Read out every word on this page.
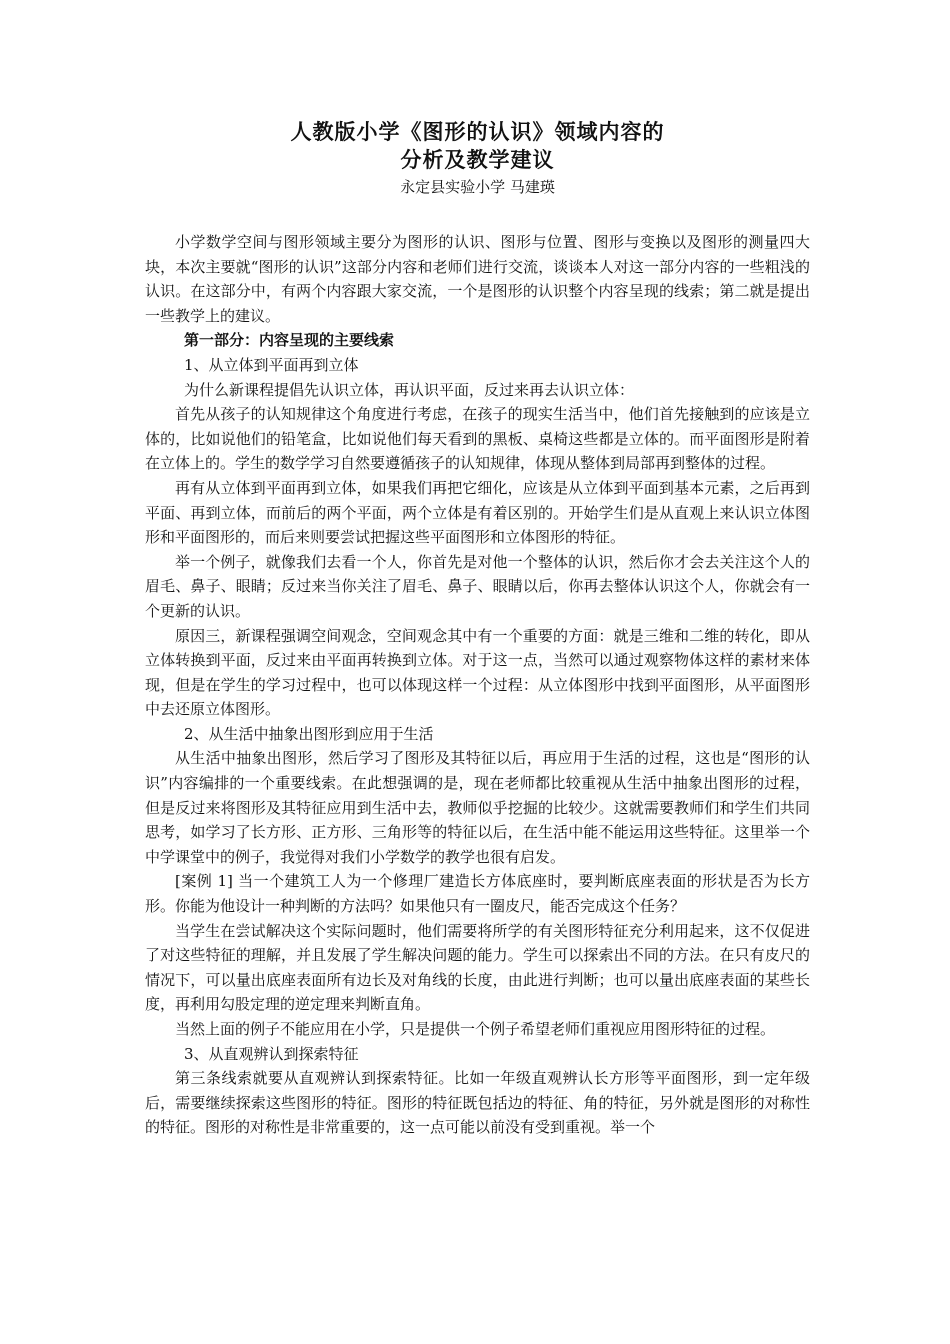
人教版小学《图形的认识》领域内容的
分析及教学建议

永定县实验小学 马建瑛

小学数学空间与图形领域主要分为图形的认识、图形与位置、图形与变换以及图形的测量四大块，本次主要就“图形的认识”这部分内容和老师们进行交流，谈谈本人对这一部分内容的一些粗浅的认识。在这部分中，有两个内容跟大家交流，一个是图形的认识整个内容呈现的线索；第二就是提出一些教学上的建议。

第一部分：内容呈现的主要线索

1、从立体到平面再到立体

为什么新课程提倡先认识立体，再认识平面，反过来再去认识立体：

首先从孩子的认知规律这个角度进行考虑，在孩子的现实生活当中，他们首先接触到的应该是立体的，比如说他们的铅笔盒，比如说他们每天看到的黑板、桌椅这些都是立体的。而平面图形是附着在立体上的。学生的数学学习自然要遵循孩子的认知规律，体现从整体到局部再到整体的过程。

再有从立体到平面再到立体，如果我们再把它细化，应该是从立体到平面到基本元素，之后再到平面、再到立体，而前后的两个平面，两个立体是有着区别的。开始学生们是从直观上来认识立体图形和平面图形的，而后来则要尝试把握这些平面图形和立体图形的特征。

举一个例子，就像我们去看一个人，你首先是对他一个整体的认识，然后你才会去关注这个人的眉毛、鼻子、眼睛；反过来当你关注了眉毛、鼻子、眼睛以后，你再去整体认识这个人，你就会有一个更新的认识。

原因三，新课程强调空间观念，空间观念其中有一个重要的方面：就是三维和二维的转化，即从立体转换到平面，反过来由平面再转换到立体。对于这一点，当然可以通过观察物体这样的素材来体现，但是在学生的学习过程中，也可以体现这样一个过程：从立体图形中找到平面图形，从平面图形中去还原立体图形。

2、从生活中抽象出图形到应用于生活

从生活中抽象出图形，然后学习了图形及其特征以后，再应用于生活的过程，这也是“图形的认识”内容编排的一个重要线索。在此想强调的是，现在老师都比较重视从生活中抽象出图形的过程，但是反过来将图形及其特征应用到生活中去，教师似乎挖掘的比较少。这就需要教师们和学生们共同思考，如学习了长方形、正方形、三角形等的特征以后，在生活中能不能运用这些特征。这里举一个中学课堂中的例子，我觉得对我们小学数学的教学也很有启发。

[案例 1] 当一个建筑工人为一个修理厂建造长方体底座时，要判断底座表面的形状是否为长方形。你能为他设计一种判断的方法吗？如果他只有一圈皮尺，能否完成这个任务？

当学生在尝试解决这个实际问题时，他们需要将所学的有关图形特征充分利用起来，这不仅促进了对这些特征的理解，并且发展了学生解决问题的能力。学生可以探索出不同的方法。在只有皮尺的情况下，可以量出底座表面所有边长及对角线的长度，由此进行判断；也可以量出底座表面的某些长度，再利用勾股定理的逆定理来判断直角。

当然上面的例子不能应用在小学，只是提供一个例子希望老师们重视应用图形特征的过程。

3、从直观辨认到探索特征

第三条线索就要从直观辨认到探索特征。比如一年级直观辨认长方形等平面图形，到一定年级后，需要继续探索这些图形的特征。图形的特征既包括边的特征、角的特征，另外就是图形的对称性的特征。图形的对称性是非常重要的，这一点可能以前没有受到重视。举一个
